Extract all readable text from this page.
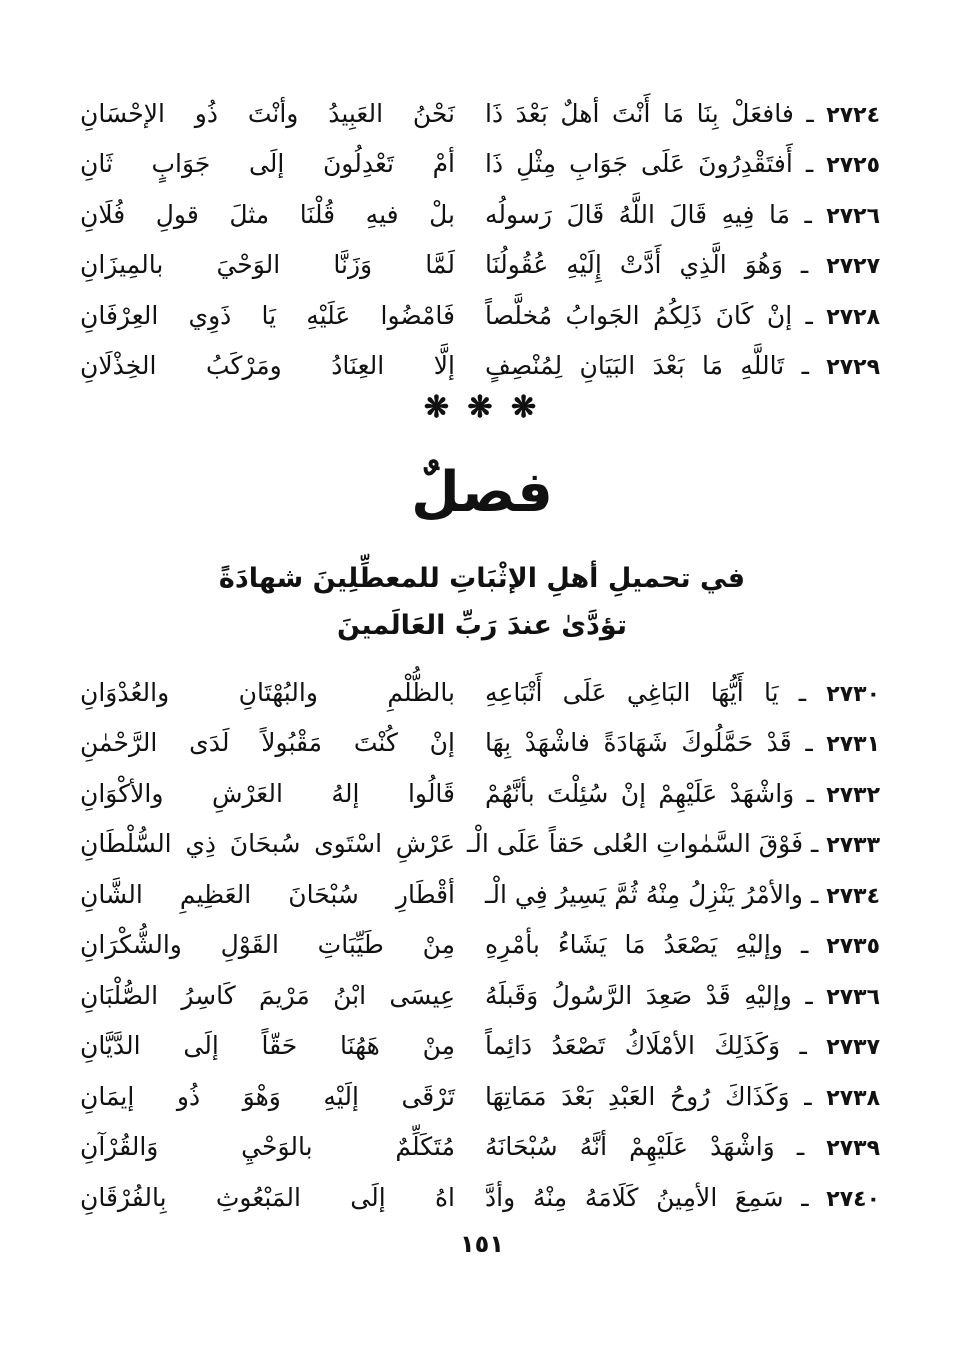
٢٧٢٤ ـ فافعَلْ بِنَا مَا أَنْتَ أهلٌ بَعْدَ ذَا
نَحْنُ العَبِيدُ وأنْتَ ذُو الإحْسَانِ
٢٧٢٥ ـ أَفتَقْدِرُونَ عَلَى جَوَابِ مِثْلِ ذَا
أمْ تَعْدِلُونَ إلَى جَوَابٍ ثَانِ
٢٧٢٦ ـ مَا فِيهِ قَالَ اللَّهُ قَالَ رَسولُه
بلْ فيهِ قُلْنَا مثلَ قولِ فُلَانِ
٢٧٢٧ ـ وَهُوَ الَّذِي أَدَّتْ إِلَيْهِ عُقُولُنَا
لَمَّا وَزَنَّا الوَحْيَ بالمِيزَانِ
٢٧٢٨ ـ إنْ كَانَ ذَلِكُمُ الجَوابُ مُخلَّصاً
فَامْضُوا عَلَيْهِ يَا ذَوِي العِرْفَانِ
٢٧٢٩ ـ تَاللَّهِ مَا بَعْدَ البَيَانِ لِمُنْصِفٍ
إلَّا العِنَادُ ومَرْكَبُ الخِذْلَانِ
❋ ❋ ❋
فصلٌ
في تحميلِ أهلِ الإثْبَاتِ للمعطِّلِينَ شهادَةً
تؤدَّىٰ عندَ رَبِّ العَالَمينَ
٢٧٣٠ ـ يَا أَيُّهَا البَاغِي عَلَى أَتْبَاعِهِ
بالظُّلْمِ والبُهْتَانِ والعُدْوَانِ
٢٧٣١ ـ قَدْ حَمَّلُوكَ شَهَادَةً فاشْهَدْ بِهَا
إنْ كُنْتَ مَقْبُولاً لَدَى الرَّحْمٰنِ
٢٧٣٢ ـ وَاشْهَدْ عَلَيْهِمْ إنْ سُئِلْتَ بأنَّهُمْ
قَالُوا إلهُ العَرْشِ والأكْوَانِ
٢٧٣٣ ـ فَوْقَ السَّمٰواتِ العُلى حَقاً عَلَى الْـ
عَرْشِ اسْتَوى سُبحَانَ ذِي السُّلْطَانِ
٢٧٣٤ ـ والأمْرُ يَنْزِلُ مِنْهُ ثُمَّ يَسِيرُ فِي الْـ
أقْطَارِ سُبْحَانَ العَظِيمِ الشَّانِ
٢٧٣٥ ـ وإليْهِ يَصْعَدُ مَا يَشَاءُ بأمْرِهِ
مِنْ طَيِّبَاتِ القَوْلِ والشُّكْرَانِ
٢٧٣٦ ـ وإليْهِ قَدْ صَعِدَ الرَّسُولُ وَقَبلَهُ
عِيسَى ابْنُ مَرْيمَ كَاسِرُ الصُّلْبَانِ
٢٧٣٧ ـ وَكَذَلِكَ الأمْلَاكُ تَصْعَدُ دَائِماً
مِنْ هَهُنَا حَقّاً إلَى الدَّيَّانِ
٢٧٣٨ ـ وَكَذَاكَ رُوحُ العَبْدِ بَعْدَ مَمَاتِهَا
تَرْقَى إلَيْهِ وَهْوَ ذُو إيمَانِ
٢٧٣٩ ـ وَاشْهَدْ عَلَيْهِمْ أنَّهُ سُبْحَانَهُ
مُتَكَلِّمٌ بالوَحْيِ وَالقُرْآنِ
٢٧٤٠ ـ سَمِعَ الأمِينُ كَلَامَهُ مِنْهُ وأدَّ
اهُ إلَى المَبْعُوثِ بِالفُرْقَانِ
١٥١
